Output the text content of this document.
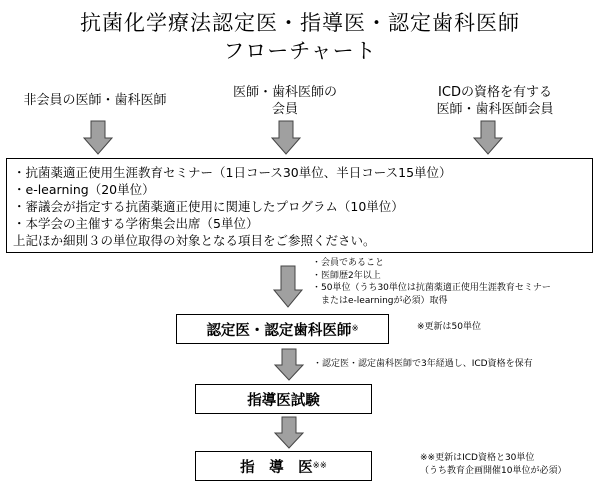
抗菌化学療法認定医・指導医・認定歯科医師
フローチャート
非会員の医師・歯科医師
医師・歯科医師の
会員
ICDの資格を有する
医師・歯科医師会員
・抗菌薬適正使用生涯教育セミナー（1日コース30単位、半日コース15単位）
・e-learning（20単位）
・審議会が指定する抗菌薬適正使用に関連したプログラム（10単位）
・本学会の主催する学術集会出席（5単位）
上記ほか細則３の単位取得の対象となる項目をご参照ください。
・会員であること
・医師歴2年以上
・50単位（うち30単位は抗菌薬適正使用生涯教育セミナー
　またはe-learningが必須）取得
認定医・認定歯科医師 ※	※更新は50単位
・認定医・認定歯科医師で3年経過し、ICD資格を保有
指導医試験
指　導　医 ※※
※※更新はICD資格と30単位
（うち教育企画開催10単位が必須）
